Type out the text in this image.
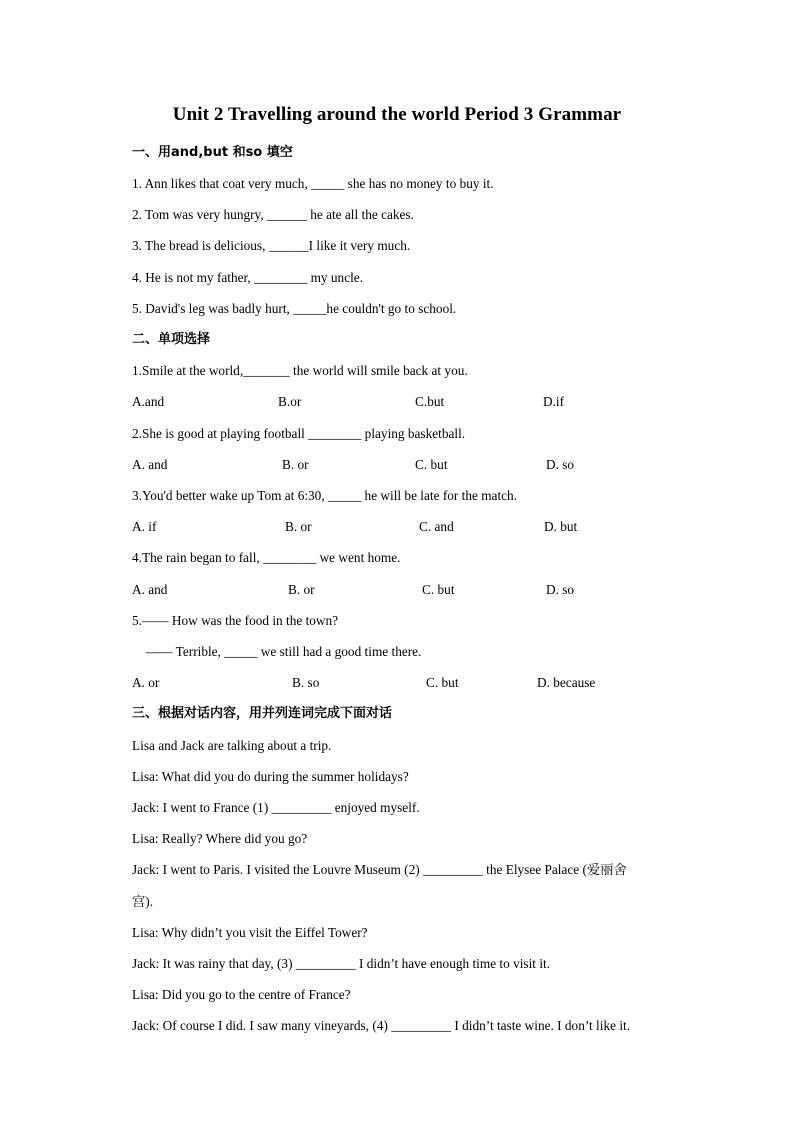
Unit 2 Travelling around the world Period 3 Grammar
一、用and,but 和so 填空
1. Ann likes that coat very much, _____ she has no money to buy it.
2. Tom was very hungry, ______ he ate all the cakes.
3. The bread is delicious, ______I like it very much.
4. He is not my father, ________ my uncle.
5. David's leg was badly hurt, _____he couldn't go to school.
二、单项选择
1.Smile at the world,_______ the world will smile back at you.
A.and	B.or	C.but	D.if
2.She is good at playing football ________ playing basketball.
A. and	B. or	C. but	D. so
3.You'd better wake up Tom at 6:30, _____ he will be late for the match.
A. if	B. or	C. and	D. but
4.The rain began to fall, ________ we went home.
A. and	B. or	C. but	D. so
5.—— How was the food in the town?
—— Terrible, _____ we still had a good time there.
A. or	B. so	C. but	D. because
三、根据对话内容，用并列连词完成下面对话
Lisa and Jack are talking about a trip.
Lisa: What did you do during the summer holidays?
Jack: I went to France (1) _________ enjoyed myself.
Lisa: Really? Where did you go?
Jack: I went to Paris. I visited the Louvre Museum (2) _________ the Elysee Palace (爱丽舍
宫).
Lisa: Why didn’t you visit the Eiffel Tower?
Jack: It was rainy that day, (3) _________ I didn’t have enough time to visit it.
Lisa: Did you go to the centre of France?
Jack: Of course I did. I saw many vineyards, (4) _________ I didn’t taste wine. I don’t like it.
